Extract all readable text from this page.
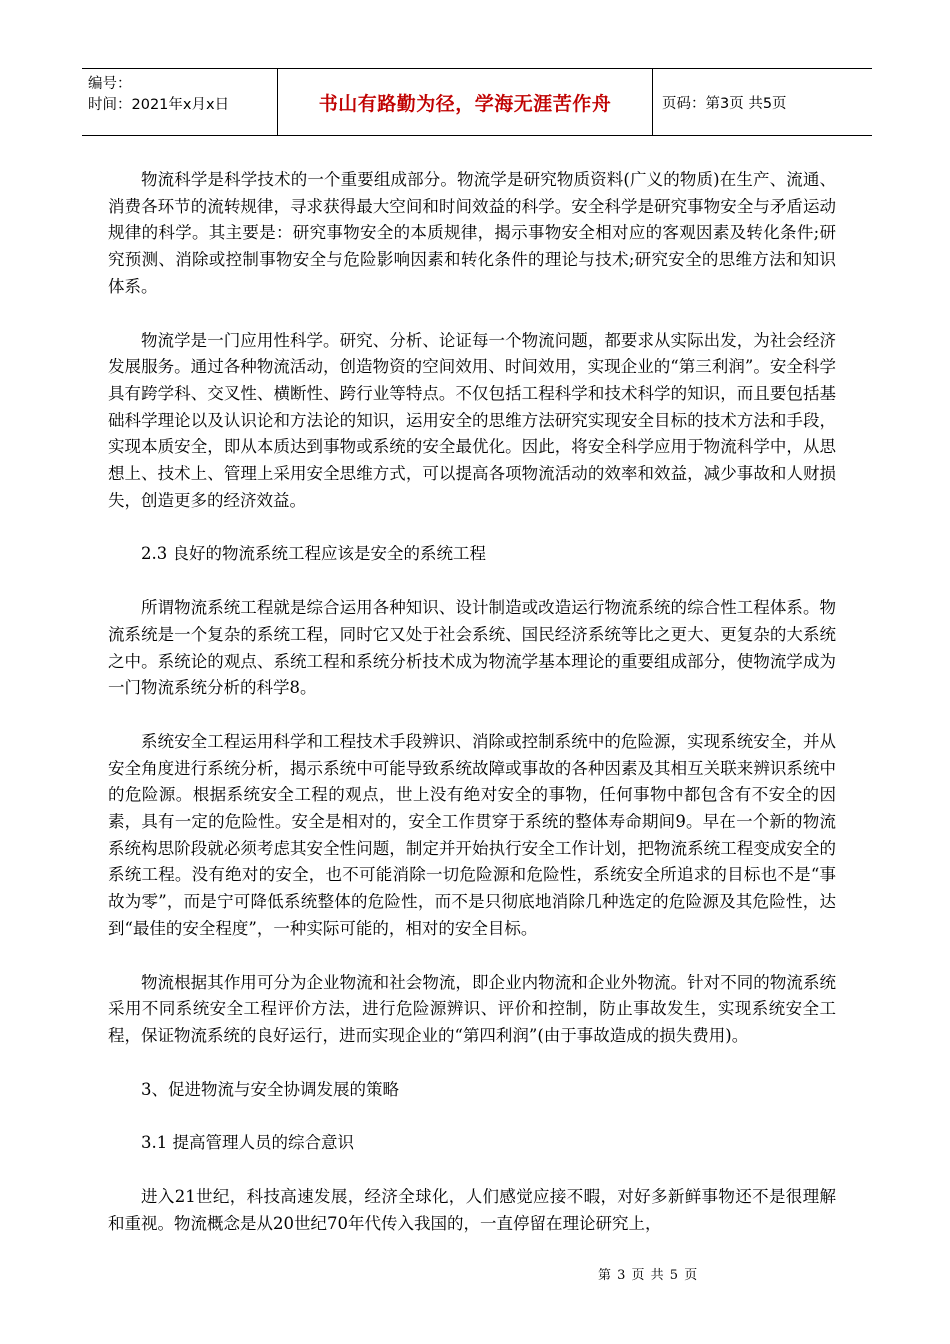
编号：
时间：2021年x月x日	书山有路勤为径，学海无涯苦作舟	页码：第3页 共5页

物流科学是科学技术的一个重要组成部分。物流学是研究物质资料(广义的物质)在生产、流通、消费各环节的流转规律，寻求获得最大空间和时间效益的科学。安全科学是研究事物安全与矛盾运动规律的科学。其主要是：研究事物安全的本质规律，揭示事物安全相对应的客观因素及转化条件;研究预测、消除或控制事物安全与危险影响因素和转化条件的理论与技术;研究安全的思维方法和知识体系。

物流学是一门应用性科学。研究、分析、论证每一个物流问题，都要求从实际出发，为社会经济发展服务。通过各种物流活动，创造物资的空间效用、时间效用，实现企业的“第三利润”。安全科学具有跨学科、交叉性、横断性、跨行业等特点。不仅包括工程科学和技术科学的知识，而且要包括基础科学理论以及认识论和方法论的知识，运用安全的思维方法研究实现安全目标的技术方法和手段，实现本质安全，即从本质达到事物或系统的安全最优化。因此，将安全科学应用于物流科学中，从思想上、技术上、管理上采用安全思维方式，可以提高各项物流活动的效率和效益，减少事故和人财损失，创造更多的经济效益。

2.3 良好的物流系统工程应该是安全的系统工程

所谓物流系统工程就是综合运用各种知识、设计制造或改造运行物流系统的综合性工程体系。物流系统是一个复杂的系统工程，同时它又处于社会系统、国民经济系统等比之更大、更复杂的大系统之中。系统论的观点、系统工程和系统分析技术成为物流学基本理论的重要组成部分，使物流学成为一门物流系统分析的科学8。

系统安全工程运用科学和工程技术手段辨识、消除或控制系统中的危险源，实现系统安全，并从安全角度进行系统分析，揭示系统中可能导致系统故障或事故的各种因素及其相互关联来辨识系统中的危险源。根据系统安全工程的观点，世上没有绝对安全的事物，任何事物中都包含有不安全的因素，具有一定的危险性。安全是相对的，安全工作贯穿于系统的整体寿命期间9。早在一个新的物流系统构思阶段就必须考虑其安全性问题，制定并开始执行安全工作计划，把物流系统工程变成安全的系统工程。没有绝对的安全，也不可能消除一切危险源和危险性，系统安全所追求的目标也不是“事故为零”，而是宁可降低系统整体的危险性，而不是只彻底地消除几种选定的危险源及其危险性，达到“最佳的安全程度”，一种实际可能的，相对的安全目标。

物流根据其作用可分为企业物流和社会物流，即企业内物流和企业外物流。针对不同的物流系统采用不同系统安全工程评价方法，进行危险源辨识、评价和控制，防止事故发生，实现系统安全工程，保证物流系统的良好运行，进而实现企业的“第四利润”(由于事故造成的损失费用)。

3、促进物流与安全协调发展的策略

3.1 提高管理人员的综合意识

进入21世纪，科技高速发展，经济全球化，人们感觉应接不暇，对好多新鲜事物还不是很理解和重视。物流概念是从20世纪70年代传入我国的，一直停留在理论研究上，

第 3 页 共 5 页
